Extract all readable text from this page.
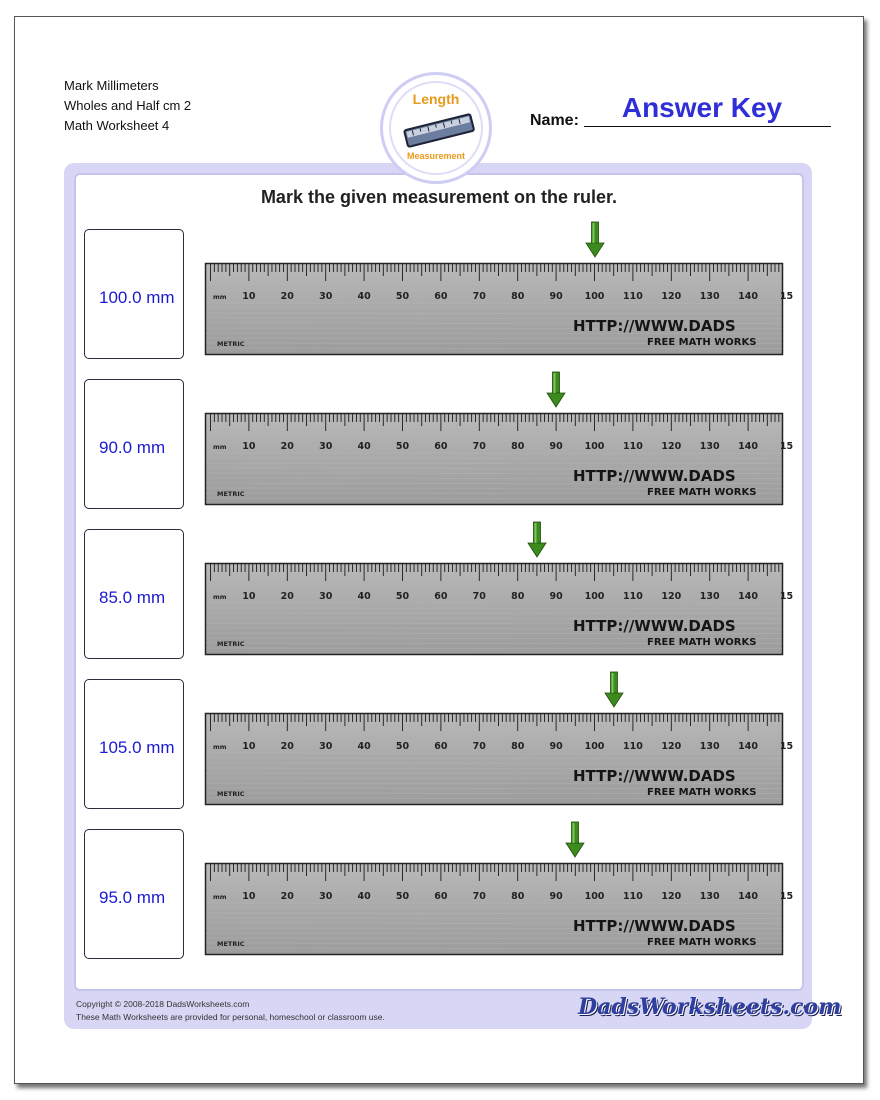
Mark Millimeters
Wholes and Half cm 2
Math Worksheet 4
Length
Measurement
Name:	Answer Key
Mark the given measurement on the ruler.
100.0 mm	mm 10	20	30	40	50	60	70	80	90 100 110 120 130 140 15
HTTP://WWW.DADS
FREE MATH WORKS
METRIC
90.0 mm	mm 10	20	30	40	50	60	70	80	90 100 110 120 130 140 15
HTTP://WWW.DADS
FREE MATH WORKS
METRIC
85.0 mm	mm 10	20	30	40	50	60	70	80	90 100 110 120 130 140 15
HTTP://WWW.DADS
FREE MATH WORKS
METRIC
105.0 mm	mm 10	20	30	40	50	60	70	80	90 100 110 120 130 140 15
HTTP://WWW.DADS
FREE MATH WORKS
METRIC
95.0 mm	mm 10	20	30	40	50	60	70	80	90 100 110 120 130 140 15
HTTP://WWW.DADS
FREE MATH WORKS
METRIC
Copyright © 2008-2018 DadsWorksheets.com
These Math Worksheets are provided for personal, homeschool or classroom use.	DadsWorksheets.com
